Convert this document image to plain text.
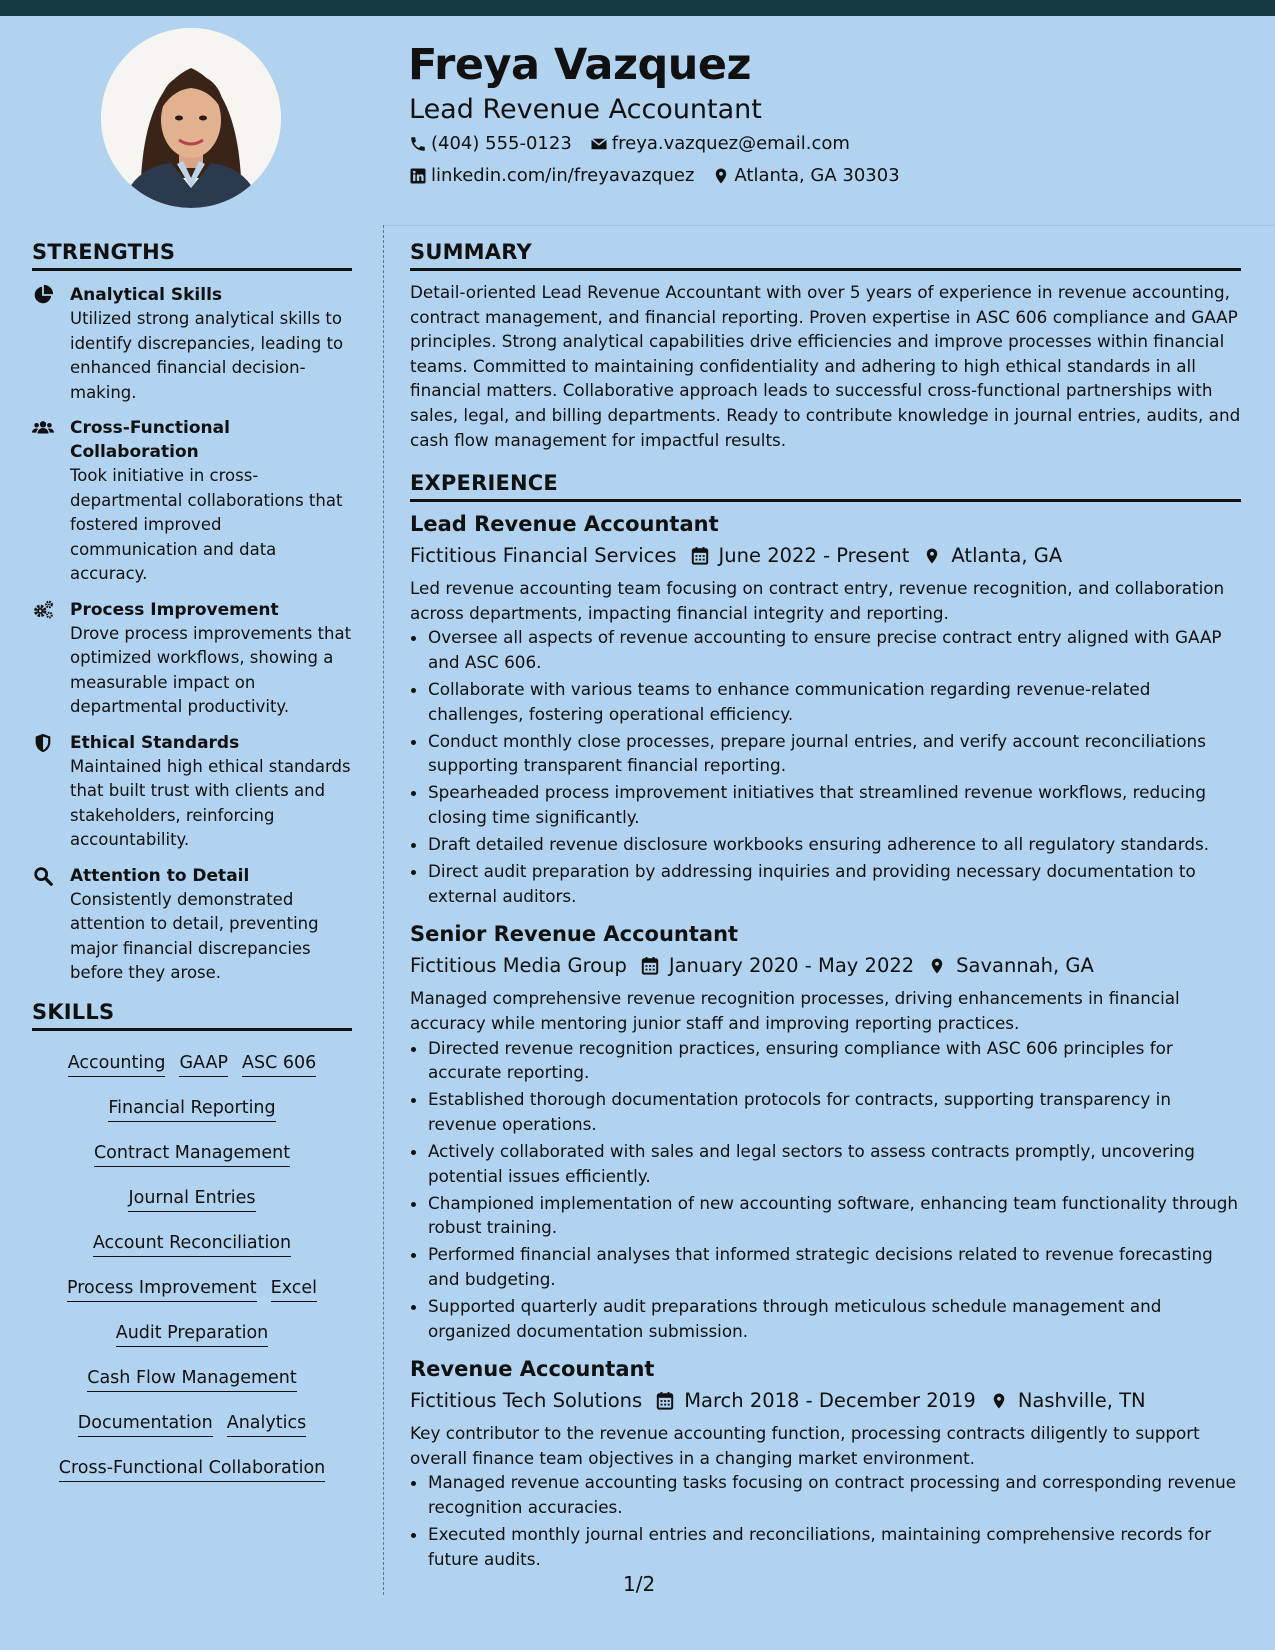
Freya Vazquez
Lead Revenue Accountant
(404) 555-0123 freya.vazquez@email.com
linkedin.com/in/freyavazquez Atlanta, GA 30303
STRENGTHS
Analytical Skills
Utilized strong analytical skills to identify discrepancies, leading to enhanced financial decision-making.
Cross-Functional Collaboration
Took initiative in cross-departmental collaborations that fostered improved communication and data accuracy.
Process Improvement
Drove process improvements that optimized workflows, showing a measurable impact on departmental productivity.
Ethical Standards
Maintained high ethical standards that built trust with clients and stakeholders, reinforcing accountability.
Attention to Detail
Consistently demonstrated attention to detail, preventing major financial discrepancies before they arose.
SKILLS
Accounting GAAP ASC 606
Financial Reporting
Contract Management
Journal Entries
Account Reconciliation
Process Improvement Excel
Audit Preparation
Cash Flow Management
Documentation Analytics
Cross-Functional Collaboration
SUMMARY

Detail-oriented Lead Revenue Accountant with over 5 years of experience in revenue accounting, contract management, and financial reporting. Proven expertise in ASC 606 compliance and GAAP principles. Strong analytical capabilities drive efficiencies and improve processes within financial teams. Committed to maintaining confidentiality and adhering to high ethical standards in all financial matters. Collaborative approach leads to successful cross-functional partnerships with sales, legal, and billing departments. Ready to contribute knowledge in journal entries, audits, and cash flow management for impactful results.

EXPERIENCE
Lead Revenue Accountant
Fictitious Financial Services June 2022 - Present Atlanta, GA
Led revenue accounting team focusing on contract entry, revenue recognition, and collaboration across departments, impacting financial integrity and reporting.
• Oversee all aspects of revenue accounting to ensure precise contract entry aligned with GAAP and ASC 606.
• Collaborate with various teams to enhance communication regarding revenue-related challenges, fostering operational efficiency.
• Conduct monthly close processes, prepare journal entries, and verify account reconciliations supporting transparent financial reporting.
• Spearheaded process improvement initiatives that streamlined revenue workflows, reducing closing time significantly.
• Draft detailed revenue disclosure workbooks ensuring adherence to all regulatory standards.
• Direct audit preparation by addressing inquiries and providing necessary documentation to external auditors.
Senior Revenue Accountant
Fictitious Media Group January 2020 - May 2022 Savannah, GA
Managed comprehensive revenue recognition processes, driving enhancements in financial accuracy while mentoring junior staff and improving reporting practices.
• Directed revenue recognition practices, ensuring compliance with ASC 606 principles for accurate reporting.
• Established thorough documentation protocols for contracts, supporting transparency in revenue operations.
• Actively collaborated with sales and legal sectors to assess contracts promptly, uncovering potential issues efficiently.
• Championed implementation of new accounting software, enhancing team functionality through robust training.
• Performed financial analyses that informed strategic decisions related to revenue forecasting and budgeting.
• Supported quarterly audit preparations through meticulous schedule management and organized documentation submission.
Revenue Accountant
Fictitious Tech Solutions March 2018 - December 2019 Nashville, TN
Key contributor to the revenue accounting function, processing contracts diligently to support overall finance team objectives in a changing market environment.
• Managed revenue accounting tasks focusing on contract processing and corresponding revenue recognition accuracies.
• Executed monthly journal entries and reconciliations, maintaining comprehensive records for future audits.
1/2
